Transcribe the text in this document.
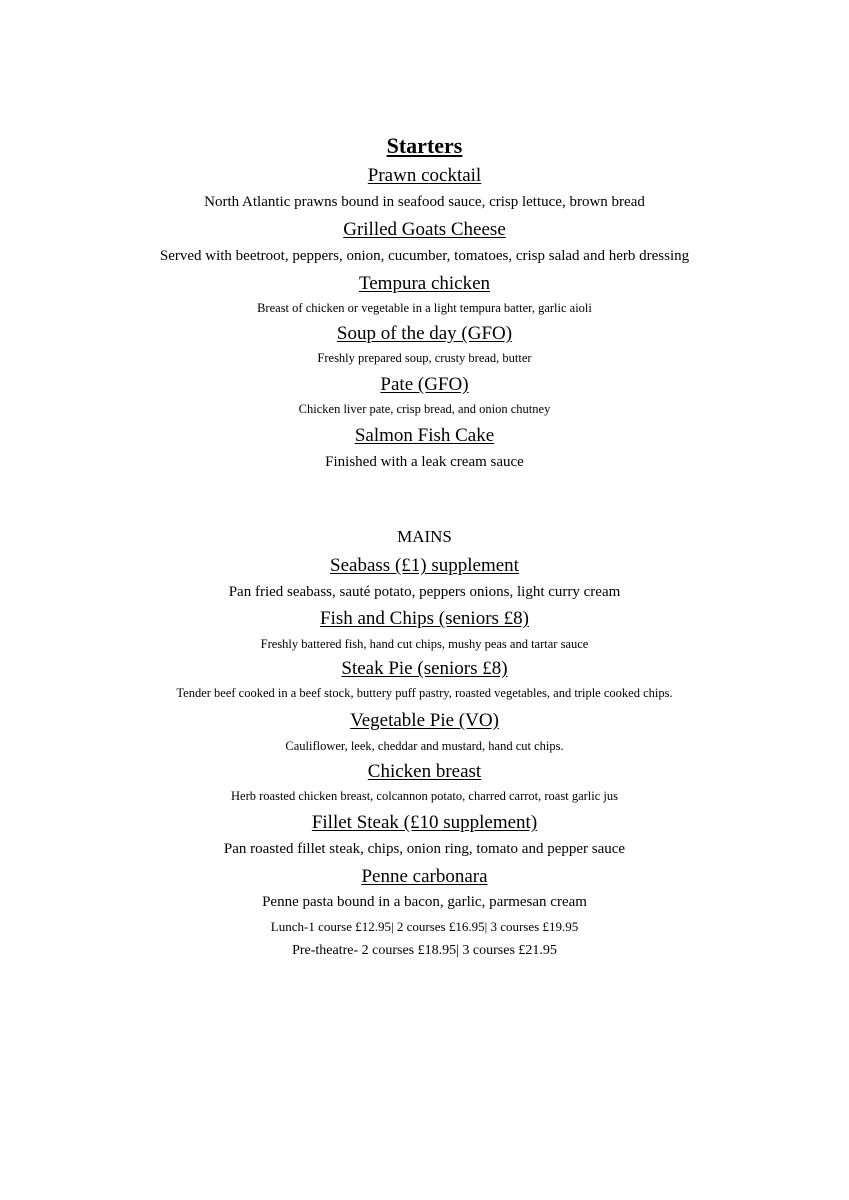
Starters
Prawn cocktail
North Atlantic prawns bound in seafood sauce, crisp lettuce, brown bread
Grilled Goats Cheese
Served with beetroot, peppers, onion, cucumber, tomatoes, crisp salad and herb dressing
Tempura chicken
Breast of chicken or vegetable in a light tempura batter, garlic aioli
Soup of the day (GFO)
Freshly prepared soup, crusty bread, butter
Pate (GFO)
Chicken liver pate, crisp bread, and onion chutney
Salmon Fish Cake
Finished with a leak cream sauce
MAINS
Seabass (£1) supplement
Pan fried seabass, sauté potato, peppers onions, light curry cream
Fish and Chips (seniors £8)
Freshly battered fish, hand cut chips, mushy peas and tartar sauce
Steak Pie (seniors £8)
Tender beef cooked in a beef stock, buttery puff pastry, roasted vegetables, and triple cooked chips.
Vegetable Pie (VO)
Cauliflower, leek, cheddar and mustard, hand cut chips.
Chicken breast
Herb roasted chicken breast, colcannon potato, charred carrot, roast garlic jus
Fillet Steak (£10 supplement)
Pan roasted fillet steak, chips, onion ring, tomato and pepper sauce
Penne carbonara
Penne pasta bound in a bacon, garlic, parmesan cream
Lunch-1 course £12.95| 2 courses £16.95| 3 courses £19.95
Pre-theatre- 2 courses £18.95| 3 courses £21.95
